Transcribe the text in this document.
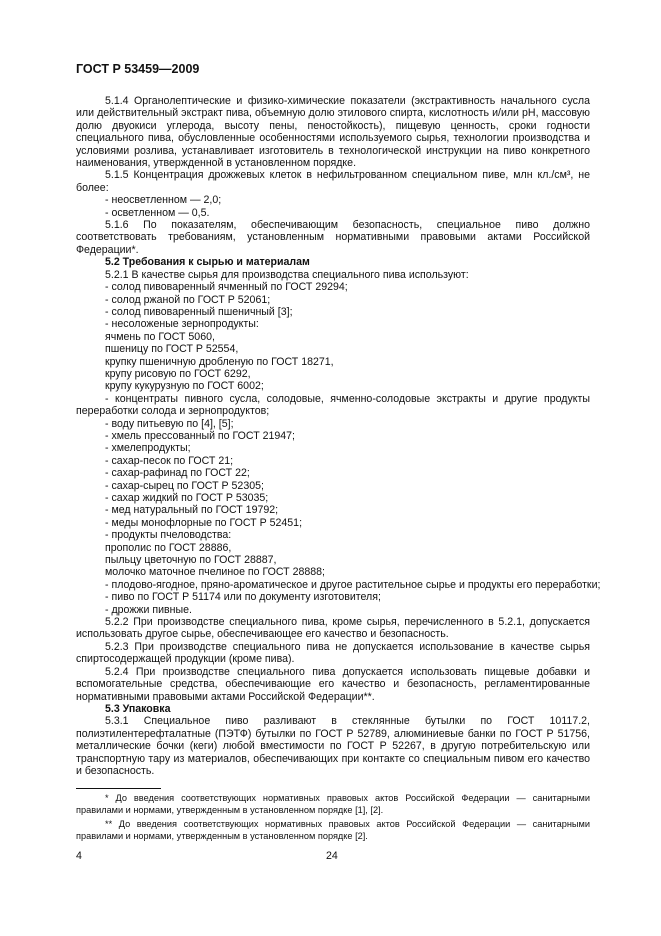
ГОСТ Р 53459—2009

5.1.4 Органолептические и физико-химические показатели (экстрактивность начального сусла или действительный экстракт пива, объемную долю этилового спирта, кислотность и/или pH, массовую долю двуокиси углерода, высоту пены, пеностойкость), пищевую ценность, сроки годности специального пива, обусловленные особенностями используемого сырья, технологии производства и условиями розлива, устанавливает изготовитель в технологической инструкции на пиво конкретного наименования, утвержденной в установленном порядке.

5.1.5 Концентрация дрожжевых клеток в нефильтрованном специальном пиве, млн кл./см³, не более:

- неосветленном — 2,0;

- осветленном — 0,5.

5.1.6 По показателям, обеспечивающим безопасность, специальное пиво должно соответствовать требованиям, установленным нормативными правовыми актами Российской Федерации*.

5.2 Требования к сырью и материалам

5.2.1 В качестве сырья для производства специального пива используют:

- солод пивоваренный ячменный по ГОСТ 29294;

- солод ржаной по ГОСТ Р 52061;

- солод пивоваренный пшеничный [3];

- несоложеные зернопродукты:

ячмень по ГОСТ 5060,

пшеницу по ГОСТ Р 52554,

крупку пшеничную дробленую по ГОСТ 18271,

крупу рисовую по ГОСТ 6292,

крупу кукурузную по ГОСТ 6002;

- концентраты пивного сусла, солодовые, ячменно-солодовые экстракты и другие продукты переработки солода и зернопродуктов;

- воду питьевую по [4], [5];

- хмель прессованный по ГОСТ 21947;

- хмелепродукты;

- сахар-песок по ГОСТ 21;

- сахар-рафинад по ГОСТ 22;

- сахар-сырец по ГОСТ Р 52305;

- сахар жидкий по ГОСТ Р 53035;

- мед натуральный по ГОСТ 19792;

- меды монофлорные по ГОСТ Р 52451;

- продукты пчеловодства:

прополис по ГОСТ 28886,

пыльцу цветочную по ГОСТ 28887,

молочко маточное пчелиное по ГОСТ 28888;

- плодово-ягодное, пряно-ароматическое и другое растительное сырье и продукты его переработки;

- пиво по ГОСТ Р 51174 или по документу изготовителя;

- дрожжи пивные.

5.2.2 При производстве специального пива, кроме сырья, перечисленного в 5.2.1, допускается использовать другое сырье, обеспечивающее его качество и безопасность.

5.2.3 При производстве специального пива не допускается использование в качестве сырья спиртосодержащей продукции (кроме пива).

5.2.4 При производстве специального пива допускается использовать пищевые добавки и вспомогательные средства, обеспечивающие его качество и безопасность, регламентированные нормативными правовыми актами Российской Федерации**.

5.3 Упаковка

5.3.1 Специальное пиво разливают в стеклянные бутылки по ГОСТ 10117.2, полиэтилентерефталатные (ПЭТФ) бутылки по ГОСТ Р 52789, алюминиевые банки по ГОСТ Р 51756, металлические бочки (кеги) любой вместимости по ГОСТ Р 52267, в другую потребительскую или транспортную тару из материалов, обеспечивающих при контакте со специальным пивом его качество и безопасность.

* До введения соответствующих нормативных правовых актов Российской Федерации — санитарными правилами и нормами, утвержденным в установленном порядке [1], [2].

** До введения соответствующих нормативных правовых актов Российской Федерации — санитарными правилами и нормами, утвержденным в установленном порядке [2].

4	24
